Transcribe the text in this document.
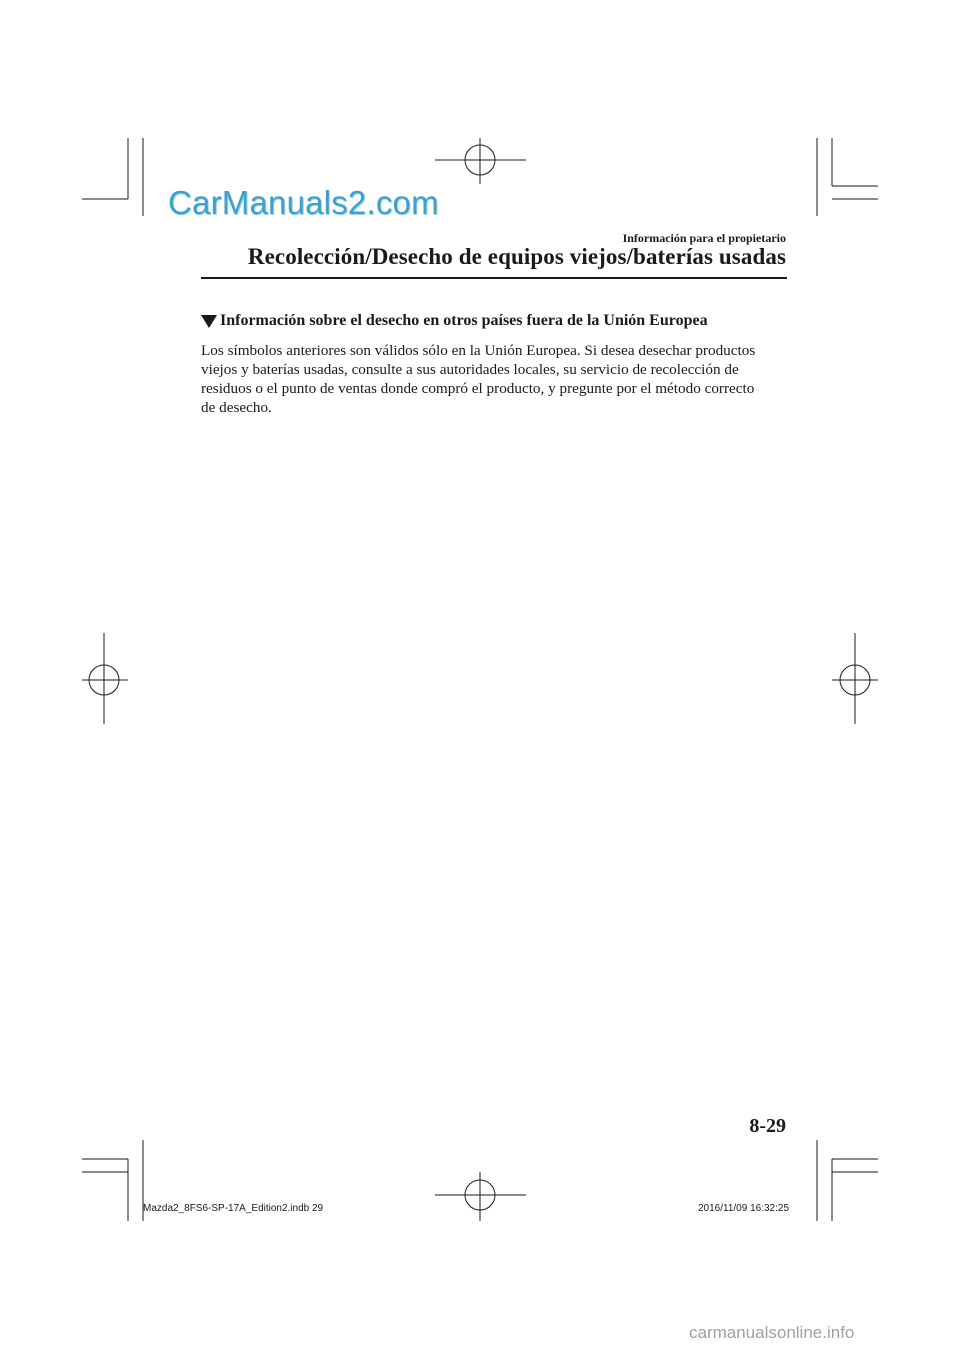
CarManuals2.com
Información para el propietario
Recolección/Desecho de equipos viejos/baterías usadas
Información sobre el desecho en otros países fuera de la Unión Europea
Los símbolos anteriores son válidos sólo en la Unión Europea. Si desea desechar productos
viejos y baterías usadas, consulte a sus autoridades locales, su servicio de recolección de
residuos o el punto de ventas donde compró el producto, y pregunte por el método correcto
de desecho.
8-29
Mazda2_8FS6-SP-17A_Edition2.indb 29	2016/11/09 16:32:25
carmanualsonline.info
